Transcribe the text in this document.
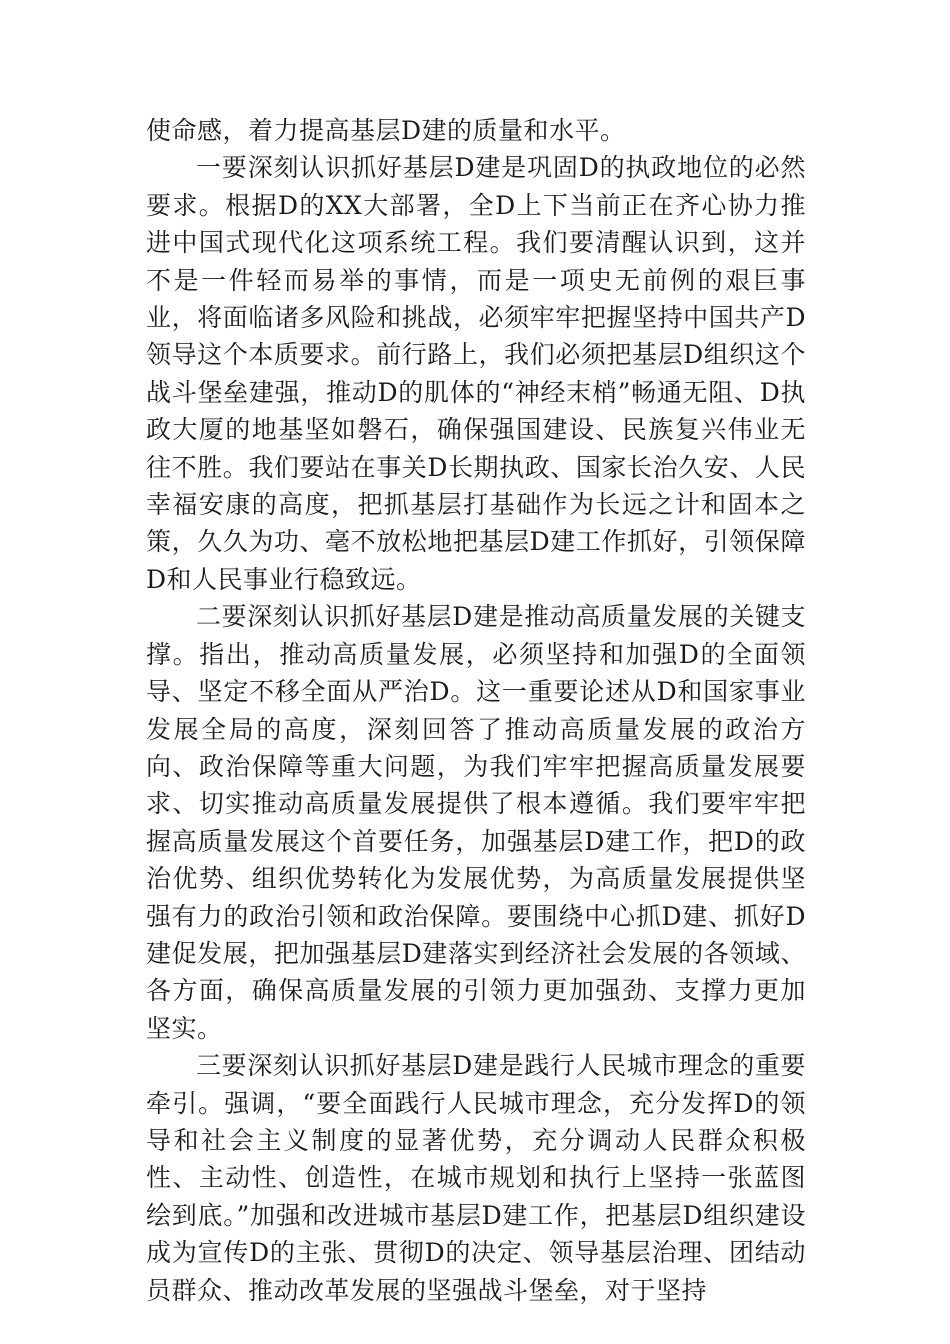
使命感，着力提高基层D建的质量和水平。

一要深刻认识抓好基层D建是巩固D的执政地位的必然要求。根据D的XX大部署，全D上下当前正在齐心协力推进中国式现代化这项系统工程。我们要清醒认识到，这并不是一件轻而易举的事情，而是一项史无前例的艰巨事业，将面临诸多风险和挑战，必须牢牢把握坚持中国共产D领导这个本质要求。前行路上，我们必须把基层D组织这个战斗堡垒建强，推动D的肌体的“神经末梢”畅通无阻、D执政大厦的地基坚如磐石，确保强国建设、民族复兴伟业无往不胜。我们要站在事关D长期执政、国家长治久安、人民幸福安康的高度，把抓基层打基础作为长远之计和固本之策，久久为功、毫不放松地把基层D建工作抓好，引领保障D和人民事业行稳致远。

二要深刻认识抓好基层D建是推动高质量发展的关键支撑。指出，推动高质量发展，必须坚持和加强D的全面领导、坚定不移全面从严治D。这一重要论述从D和国家事业发展全局的高度，深刻回答了推动高质量发展的政治方向、政治保障等重大问题，为我们牢牢把握高质量发展要求、切实推动高质量发展提供了根本遵循。我们要牢牢把握高质量发展这个首要任务，加强基层D建工作，把D的政治优势、组织优势转化为发展优势，为高质量发展提供坚强有力的政治引领和政治保障。要围绕中心抓D建、抓好D建促发展，把加强基层D建落实到经济社会发展的各领域、各方面，确保高质量发展的引领力更加强劲、支撑力更加坚实。

三要深刻认识抓好基层D建是践行人民城市理念的重要牵引。强调，“要全面践行人民城市理念，充分发挥D的领导和社会主义制度的显著优势，充分调动人民群众积极性、主动性、创造性，在城市规划和执行上坚持一张蓝图绘到底。”加强和改进城市基层D建工作，把基层D组织建设成为宣传D的主张、贯彻D的决定、领导基层治理、团结动员群众、推动改革发展的坚强战斗堡垒，对于坚持
